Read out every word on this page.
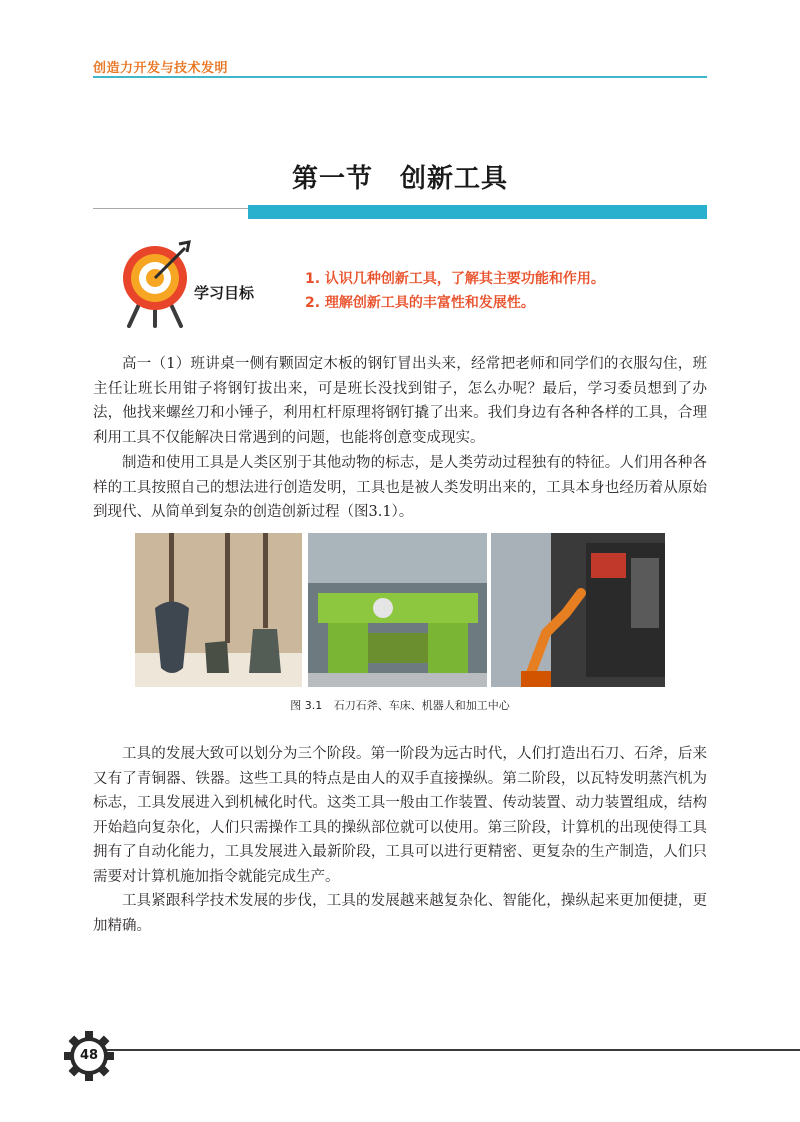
创造力开发与技术发明
第一节　创新工具
学习目标
1. 认识几种创新工具，了解其主要功能和作用。
2. 理解创新工具的丰富性和发展性。
高一（1）班讲桌一侧有颗固定木板的钢钉冒出头来，经常把老师和同学们的衣服勾住，班主任让班长用钳子将钢钉拔出来，可是班长没找到钳子，怎么办呢？最后，学习委员想到了办法，他找来螺丝刀和小锤子，利用杠杆原理将钢钉撬了出来。我们身边有各种各样的工具，合理利用工具不仅能解决日常遇到的问题，也能将创意变成现实。
制造和使用工具是人类区别于其他动物的标志，是人类劳动过程独有的特征。人们用各种各样的工具按照自己的想法进行创造发明，工具也是被人类发明出来的，工具本身也经历着从原始到现代、从简单到复杂的创造创新过程（图3.1）。
图 3.1 石刀石斧、车床、机器人和加工中心
工具的发展大致可以划分为三个阶段。第一阶段为远古时代，人们打造出石刀、石斧，后来又有了青铜器、铁器。这些工具的特点是由人的双手直接操纵。第二阶段，以瓦特发明蒸汽机为标志，工具发展进入到机械化时代。这类工具一般由工作装置、传动装置、动力装置组成，结构开始趋向复杂化，人们只需操作工具的操纵部位就可以使用。第三阶段，计算机的出现使得工具拥有了自动化能力，工具发展进入最新阶段，工具可以进行更精密、更复杂的生产制造，人们只需要对计算机施加指令就能完成生产。
工具紧跟科学技术发展的步伐，工具的发展越来越复杂化、智能化，操纵起来更加便捷，更加精确。
48
